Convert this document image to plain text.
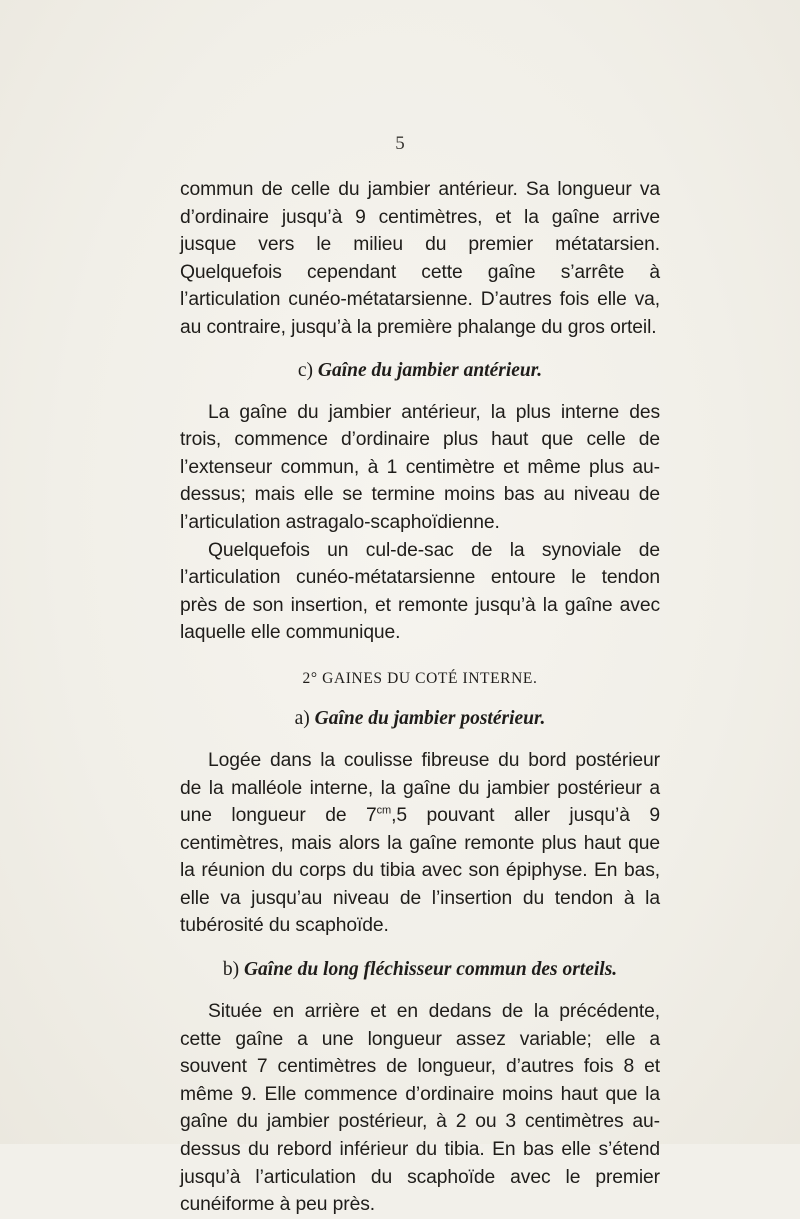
5

commun de celle du jambier antérieur. Sa longueur va d’ordinaire jusqu’à 9 centimètres, et la gaîne arrive jusque vers le milieu du premier métatarsien. Quelquefois cependant cette gaîne s’arrête à l’articulation cunéo-métatarsienne. D’autres fois elle va, au contraire, jusqu’à la première phalange du gros orteil.

c) Gaîne du jambier antérieur.

La gaîne du jambier antérieur, la plus interne des trois, commence d’ordinaire plus haut que celle de l’extenseur commun, à 1 centimètre et même plus au-dessus; mais elle se termine moins bas au niveau de l’articulation astragalo-scaphoïdienne.

Quelquefois un cul-de-sac de la synoviale de l’articulation cunéo-métatarsienne entoure le tendon près de son insertion, et remonte jusqu’à la gaîne avec laquelle elle communique.

2° GAINES DU COTÉ INTERNE.

a) Gaîne du jambier postérieur.

Logée dans la coulisse fibreuse du bord postérieur de la malléole interne, la gaîne du jambier postérieur a une longueur de $7^{cm},5$ pouvant aller jusqu’à 9 centimètres, mais alors la gaîne remonte plus haut que la réunion du corps du tibia avec son épiphyse. En bas, elle va jusqu’au niveau de l’insertion du tendon à la tubérosité du scaphoïde.

b) Gaîne du long fléchisseur commun des orteils.

Située en arrière et en dedans de la précédente, cette gaîne a une longueur assez variable; elle a souvent 7 centimètres de longueur, d’autres fois 8 et même 9. Elle commence d’ordinaire moins haut que la gaîne du jambier postérieur, à 2 ou 3 centimètres au-dessus du rebord inférieur du tibia. En bas elle s’étend jusqu’à l’articulation du scaphoïde avec le premier cunéiforme à peu près.
